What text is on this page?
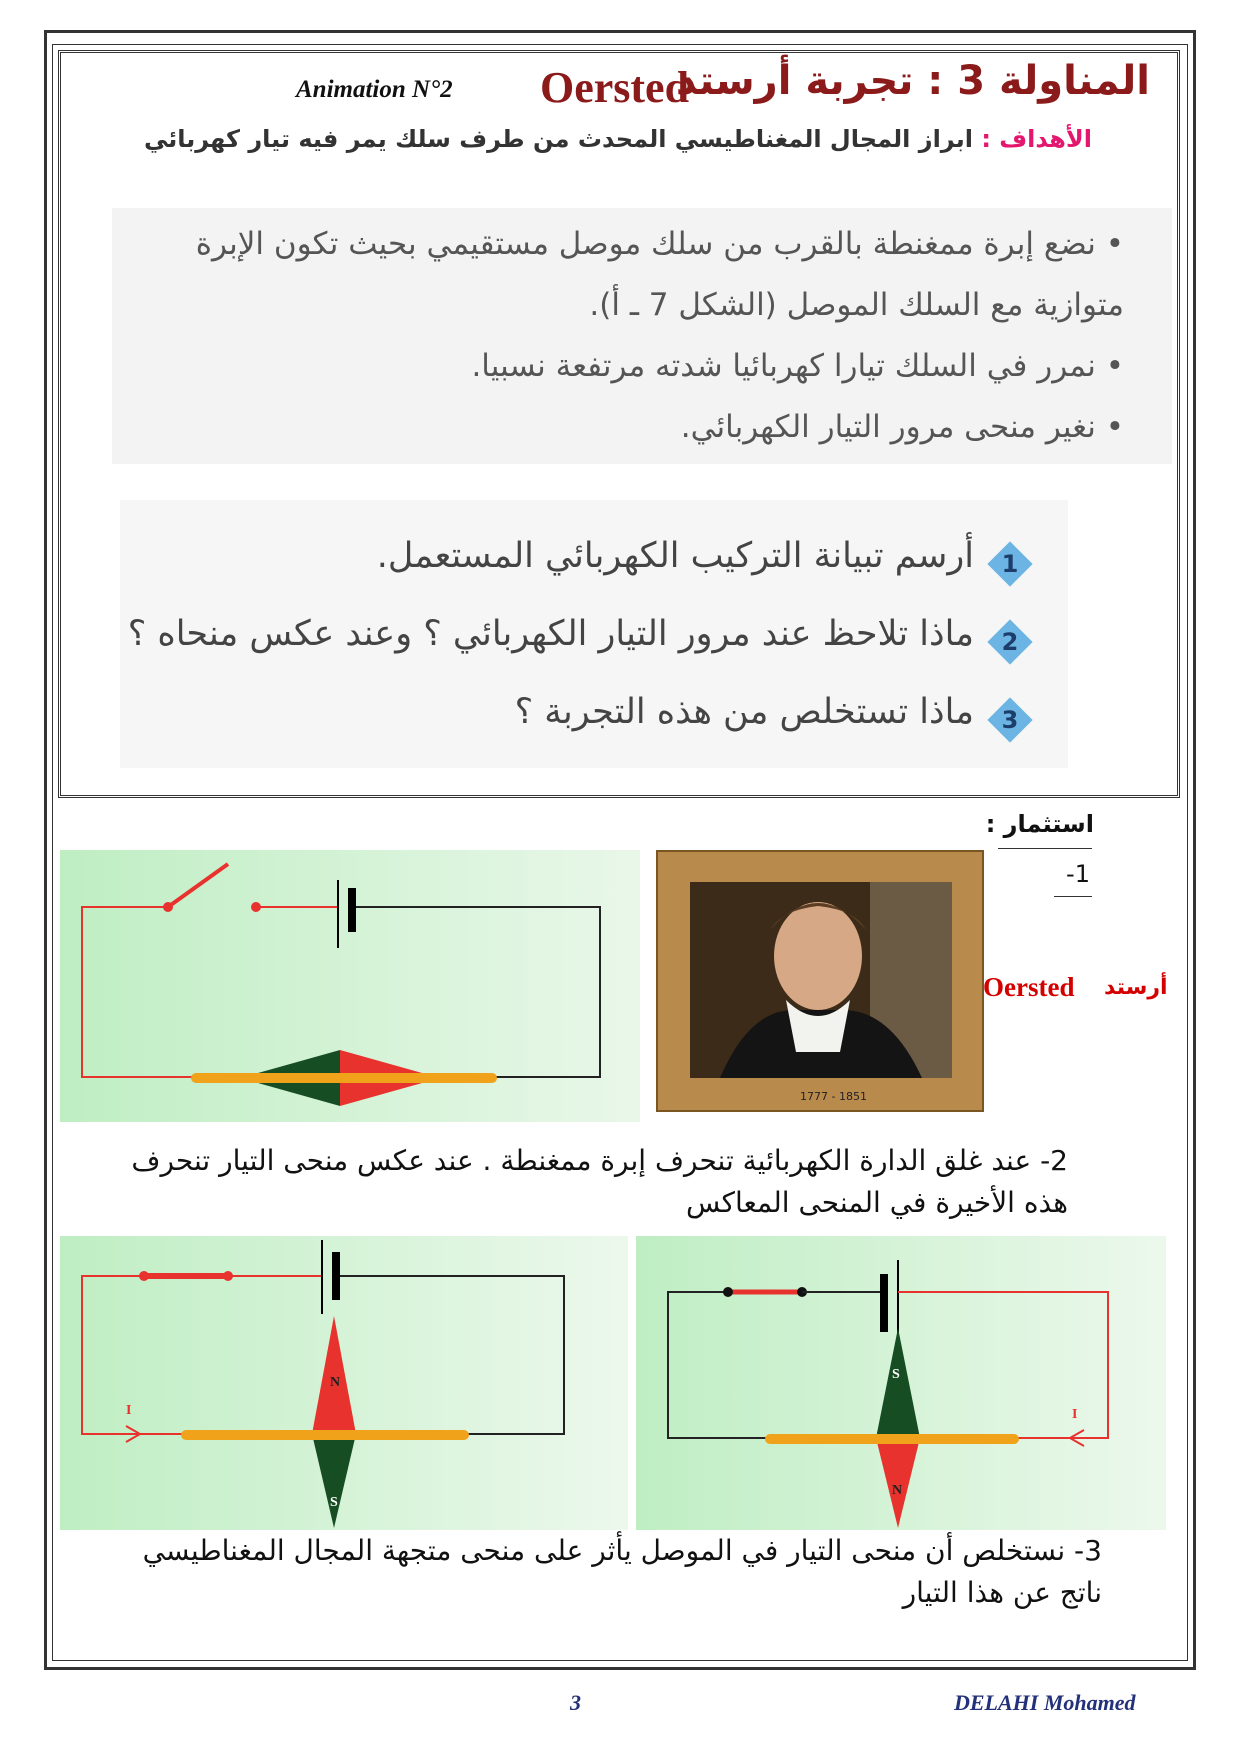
المناولة 3 : تجربة أرستد
Oersted
Animation N°2
الأهداف : ابراز المجال المغناطيسي المحدث من طرف سلك يمر فيه تيار كهربائي
• نضع إبرة ممغنطة بالقرب من سلك موصل مستقيمي بحيث تكون الإبرة
متوازية مع السلك الموصل (الشكل 7 ـ أ).
• نمرر في السلك تيارا كهربائيا شدته مرتفعة نسبيا.
• نغير منحى مرور التيار الكهربائي.
1
أرسم تبيانة التركيب الكهربائي المستعمل.
2
ماذا تلاحظ عند مرور التيار الكهربائي ؟ وعند عكس منحاه ؟
3
ماذا تستخلص من هذه التجربة ؟
استثمار :
1-
1777 - 1851
Oersted أرستد
2- عند غلق الدارة الكهربائية تنحرف إبرة ممغنطة . عند عكس منحى التيار تنحرف
هذه الأخيرة في المنحى المعاكس
I
N
S
I
S
N
3- نستخلص أن منحى التيار في الموصل يأثر على منحى متجهة المجال المغناطيسي
ناتج عن هذا التيار
3	DELAHI Mohamed
